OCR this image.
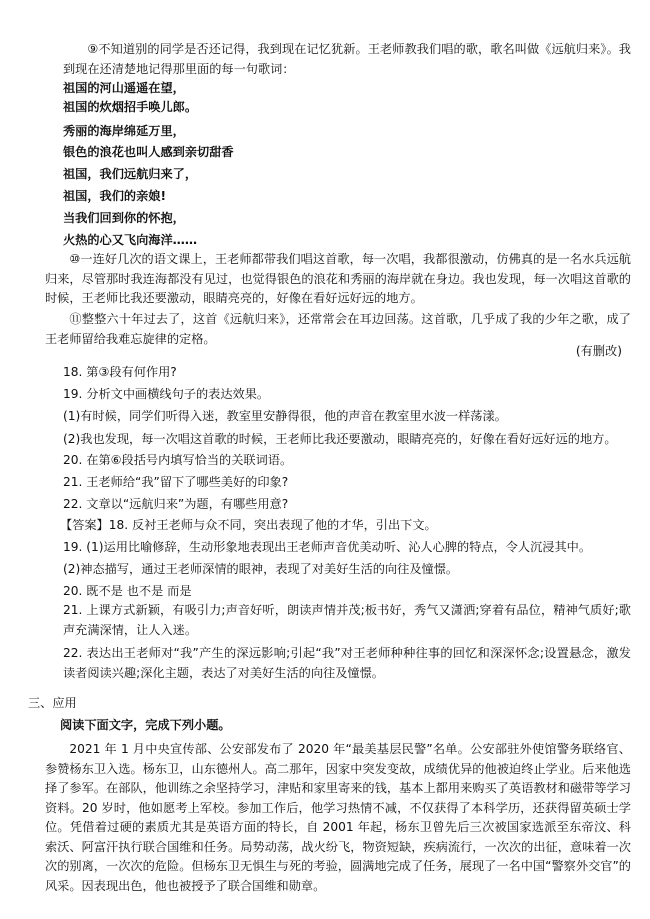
⑨不知道别的同学是否还记得，我到现在记忆犹新。王老师教我们唱的歌，歌名叫做《远航归来》。我到现在还清楚地记得那里面的每一句歌词：
祖国的河山遥遥在望，
祖国的炊烟招手唤儿郎。
秀丽的海岸绵延万里，
银色的浪花也叫人感到亲切甜香
祖国，我们远航归来了，
祖国，我们的亲娘!
当我们回到你的怀抱，
火热的心又飞向海洋……
⑩一连好几次的语文课上，王老师都带我们唱这首歌，每一次唱，我都很激动，仿佛真的是一名水兵远航归来，尽管那时我连海都没有见过，也觉得银色的浪花和秀丽的海岸就在身边。我也发现，每一次唱这首歌的时候，王老师比我还要激动，眼睛亮亮的，好像在看好远好远的地方。
⑪整整六十年过去了，这首《远航归来》，还常常会在耳边回荡。这首歌，几乎成了我的少年之歌，成了王老师留给我难忘旋律的定格。
(有删改)
18. 第③段有何作用?
19. 分析文中画横线句子的表达效果。
(1)有时候，同学们听得入迷，教室里安静得很，他的声音在教室里水波一样荡漾。
(2)我也发现，每一次唱这首歌的时候，王老师比我还要激动，眼睛亮亮的，好像在看好远好远的地方。
20. 在第⑥段括号内填写恰当的关联词语。
21. 王老师给“我”留下了哪些美好的印象?
22. 文章以“远航归来”为题，有哪些用意?
【答案】18. 反衬王老师与众不同，突出表现了他的才华，引出下文。
19. (1)运用比喻修辞，生动形象地表现出王老师声音优美动听、沁人心脾的特点，令人沉浸其中。
(2)神态描写，通过王老师深情的眼神，表现了对美好生活的向往及憧憬。
20. 既不是 也不是 而是
21. 上课方式新颖，有吸引力;声音好听，朗读声情并茂;板书好，秀气又潇洒;穿着有品位，精神气质好;歌声充满深情，让人入迷。
22. 表达出王老师对“我”产生的深远影响;引起“我”对王老师种种往事的回忆和深深怀念;设置悬念，激发读者阅读兴趣;深化主题，表达了对美好生活的向往及憧憬。
三、应用
阅读下面文字，完成下列小题。
2021 年 1 月中央宣传部、公安部发布了 2020 年“最美基层民警”名单。公安部驻外使馆警务联络官、参赞杨东卫入选。杨东卫，山东德州人。高二那年，因家中突发变故，成绩优异的他被迫终止学业。后来他选择了参军。在部队，他训练之余坚持学习，津贴和家里寄来的钱，基本上都用来购买了英语教材和磁带等学习资料。20 岁时，他如愿考上军校。参加工作后，他学习热情不减，不仅获得了本科学历，还获得留英硕士学位。凭借着过硬的素质尤其是英语方面的特长，自 2001 年起，杨东卫曾先后三次被国家选派至东帝汶、科索沃、阿富汗执行联合国维和任务。局势动荡，战火纷飞，物资短缺，疾病流行，一次次的出征，意味着一次次的别离，一次次的危险。但杨东卫无惧生与死的考验，圆满地完成了任务，展现了一名中国“警察外交官”的风采。因表现出色，他也被授予了联合国维和勋章。
